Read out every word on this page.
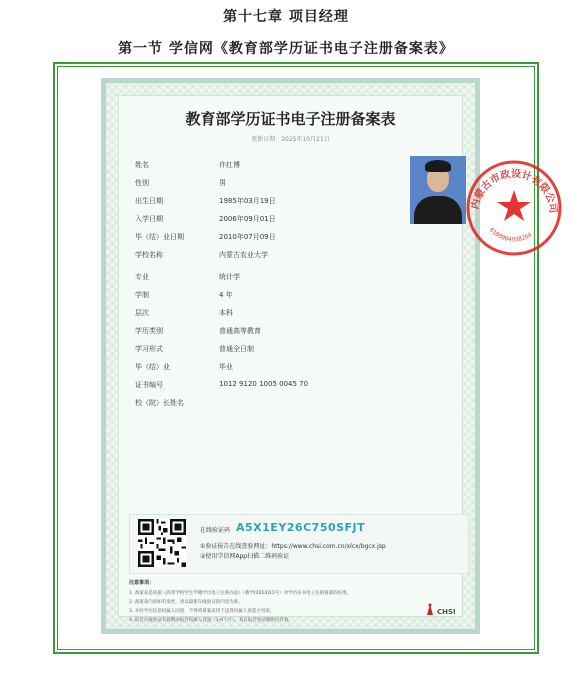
第十七章 项目经理
第一节 学信网《教育部学历证书电子注册备案表》
教育部学历证书电子注册备案表
更新日期：2025年10月21日
姓名	许红博
性别	男
出生日期	1985年03月19日
入学日期	2006年09月01日
毕（结）业日期	2010年07月09日
学校名称	内蒙古农业大学
专业	统计学
学制	4 年
层次	本科
学历类别	普通高等教育
学习形式	普通全日制
毕（结）业	毕业
证书编号	1012 9120 1005 0045 70
校（院）长姓名
在线验证码 A5X1EY26C750SFJT
①验证报告在线查验网址：https://www.chsi.com.cn/xlcx/bgcx.jsp
②使用学信网App扫描二维码验证
注意事项：
1. 备案表是依据《高等学校学生学籍学历电子注册办法》（教学[2014]11号）对学历证书电子注册备案的结果。
2. 备案表内容如有变更，请以最新在线验证的内容为准。
3. 未经学历信息权属人同意，不得将备案表用于违背权属人意愿之用途。
4. 报告在线验证有效期由报告权属人设置（1-6个月），其在报告验证期限内有效。
CHSI
内蒙古市政设计有限公司
6108004938264
